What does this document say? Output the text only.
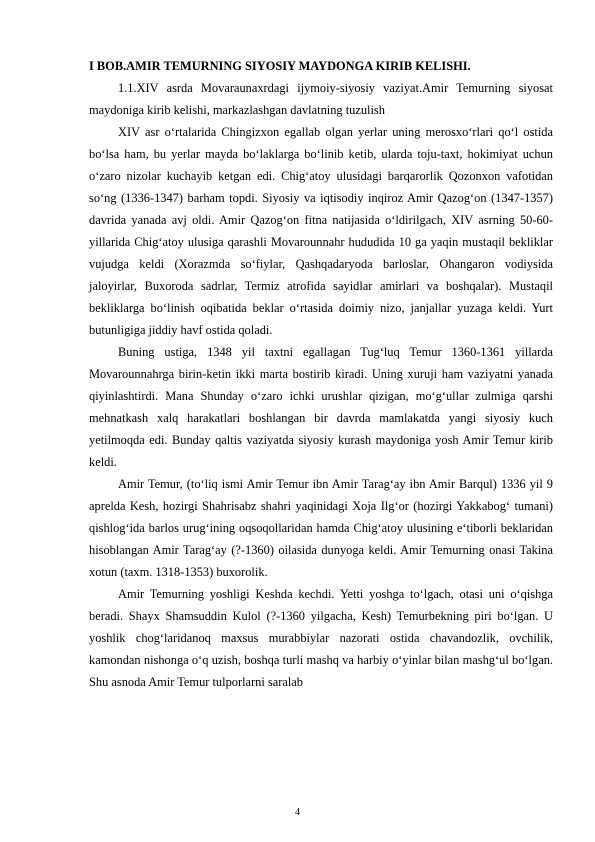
I BOB.AMIR TEMURNING SIYOSIY MAYDONGA KIRIB KELISHI.

1.1.XIV asrda Movaraunaxrdagi ijymoiy-siyosiy vaziyat.Amir Temurning siyosat maydoniga kirib kelishi, markazlashgan davlatning tuzulish

XIV asr o‘rtalarida Chingizxon egallab olgan yerlar uning merosxo‘rlari qo‘l ostida bo‘lsa ham, bu yerlar mayda bo‘laklarga bo‘linib ketib, ularda toju-taxt, hokimiyat uchun o‘zaro nizolar kuchayib ketgan edi. Chig‘atoy ulusidagi barqarorlik Qozonxon vafotidan so‘ng (1336-1347) barham topdi. Siyosiy va iqtisodiy inqiroz Amir Qazog‘on (1347-1357) davrida yanada avj oldi. Amir Qazog‘on fitna natijasida o‘ldirilgach, XIV asrning 50-60-yillarida Chig‘atoy ulusiga qarashli Movarounnahr hududida 10 ga yaqin mustaqil bekliklar vujudga keldi (Xorazmda so‘fiylar, Qashqadaryoda barloslar, Ohangaron vodiysida jaloyirlar, Buxoroda sadrlar, Termiz atrofida sayidlar amirlari va boshqalar). Mustaqil bekliklarga bo‘linish oqibatida beklar o‘rtasida doimiy nizo, janjallar yuzaga keldi. Yurt butunligiga jiddiy havf ostida qoladi.

Buning ustiga, 1348 yil taxtni egallagan Tug‘luq Temur 1360-1361 yillarda Movarounnahrga birin-ketin ikki marta bostirib kiradi. Uning xuruji ham vaziyatni yanada qiyinlashtirdi. Mana Shunday o‘zaro ichki urushlar qizigan, mo‘g‘ullar zulmiga qarshi mehnatkash xalq harakatlari boshlangan bir davrda mamlakatda yangi siyosiy kuch yetilmoqda edi. Bunday qaltis vaziyatda siyosiy kurash maydoniga yosh Amir Temur kirib keldi.

Amir Temur, (to‘liq ismi Amir Temur ibn Amir Tarag‘ay ibn Amir Barqul) 1336 yil 9 aprelda Kesh, hozirgi Shahrisabz shahri yaqinidagi Xoja Ilg‘or (hozirgi Yakkabog‘ tumani) qishlog‘ida barlos urug‘ining oqsoqollaridan hamda Chig‘atoy ulusining e‘tiborli beklaridan hisoblangan Amir Tarag‘ay (?-1360) oilasida dunyoga keldi. Amir Temurning onasi Takina xotun (taxm. 1318-1353) buxorolik.

Amir Temurning yoshligi Keshda kechdi. Yetti yoshga to‘lgach, otasi uni o‘qishga beradi. Shayx Shamsuddin Kulol (?-1360 yilgacha, Kesh) Temurbekning piri bo‘lgan. U yoshlik chog‘laridanoq maxsus murabbiylar nazorati ostida chavandozlik, ovchilik, kamondan nishonga o‘q uzish, boshqa turli mashq va harbiy o‘yinlar bilan mashg‘ul bo‘lgan. Shu asnoda Amir Temur tulporlarni saralab

4
